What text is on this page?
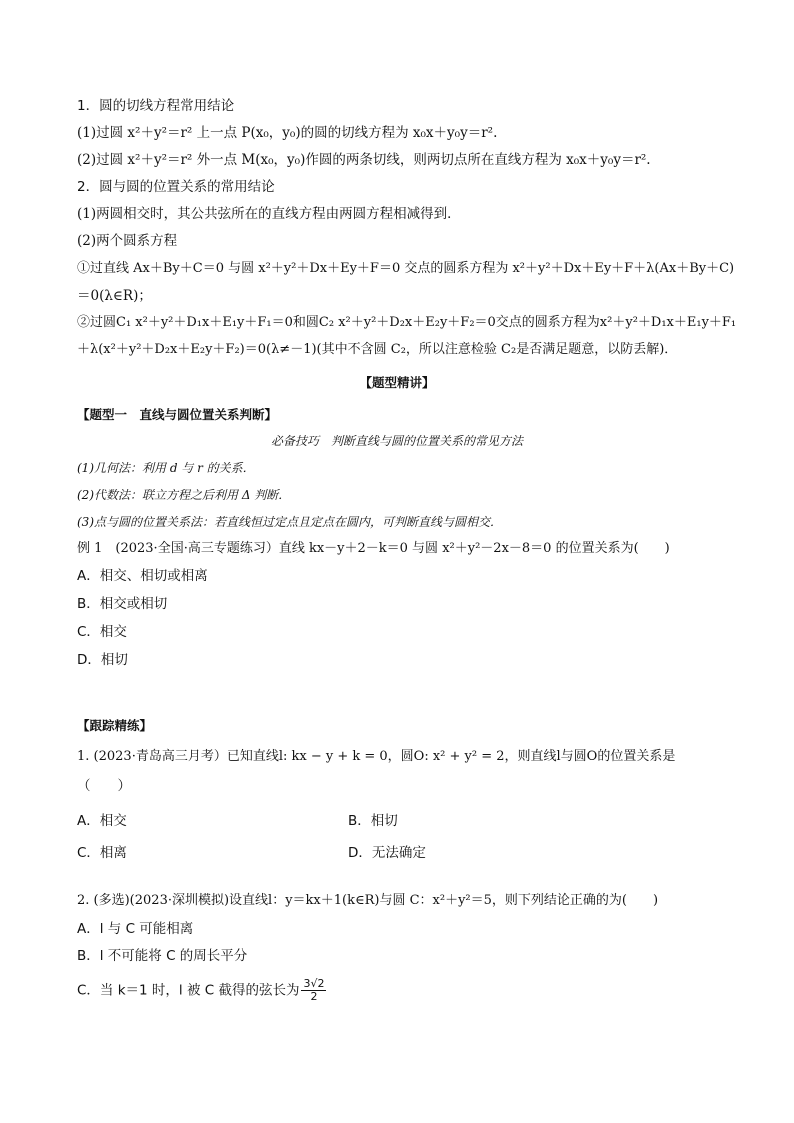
1．圆的切线方程常用结论
(1)过圆 x²＋y²＝r² 上一点 P(x₀，y₀)的圆的切线方程为 x₀x＋y₀y＝r².
(2)过圆 x²＋y²＝r² 外一点 M(x₀，y₀)作圆的两条切线，则两切点所在直线方程为 x₀x＋y₀y＝r².
2．圆与圆的位置关系的常用结论
(1)两圆相交时，其公共弦所在的直线方程由两圆方程相减得到．
(2)两个圆系方程
①过直线 Ax＋By＋C＝0 与圆 x²＋y²＋Dx＋Ey＋F＝0 交点的圆系方程为 x²＋y²＋Dx＋Ey＋F＋λ(Ax＋By＋C)
＝0(λ∈R)；
②过圆C₁ x²＋y²＋D₁x＋E₁y＋F₁＝0和圆C₂ x²＋y²＋D₂x＋E₂y＋F₂＝0交点的圆系方程为x²＋y²＋D₁x＋E₁y＋F₁
＋λ(x²＋y²＋D₂x＋E₂y＋F₂)＝0(λ≠－1)(其中不含圆 C₂，所以注意检验 C₂是否满足题意，以防丢解)．
【题型精讲】
【题型一　直线与圆位置关系判断】
必备技巧　判断直线与圆的位置关系的常见方法
(1)几何法：利用 d 与 r 的关系．
(2)代数法：联立方程之后利用 Δ 判断．
(3)点与圆的位置关系法：若直线恒过定点且定点在圆内，可判断直线与圆相交．
例 1　(2023·全国·高三专题练习）直线 kx－y＋2－k＝0 与圆 x²＋y²－2x－8＝0 的位置关系为(　　)
A．相交、相切或相离
B．相交或相切
C．相交
D．相切
【跟踪精练】
1. (2023·青岛高三月考）已知直线l: kx − y + k = 0，圆O: x² + y² = 2，则直线l与圆O的位置关系是
（　　）
A．相交	B．相切
C．相离	D．无法确定
2. (多选)(2023·深圳模拟)设直线l：y＝kx＋1(k∈R)与圆 C：x²＋y²＝5，则下列结论正确的为(　　)
A．l 与 C 可能相离
B．l 不可能将 C 的周长平分
C．当 k＝1 时，l 被 C 截得的弦长为 $\frac{3√2}{2}$
